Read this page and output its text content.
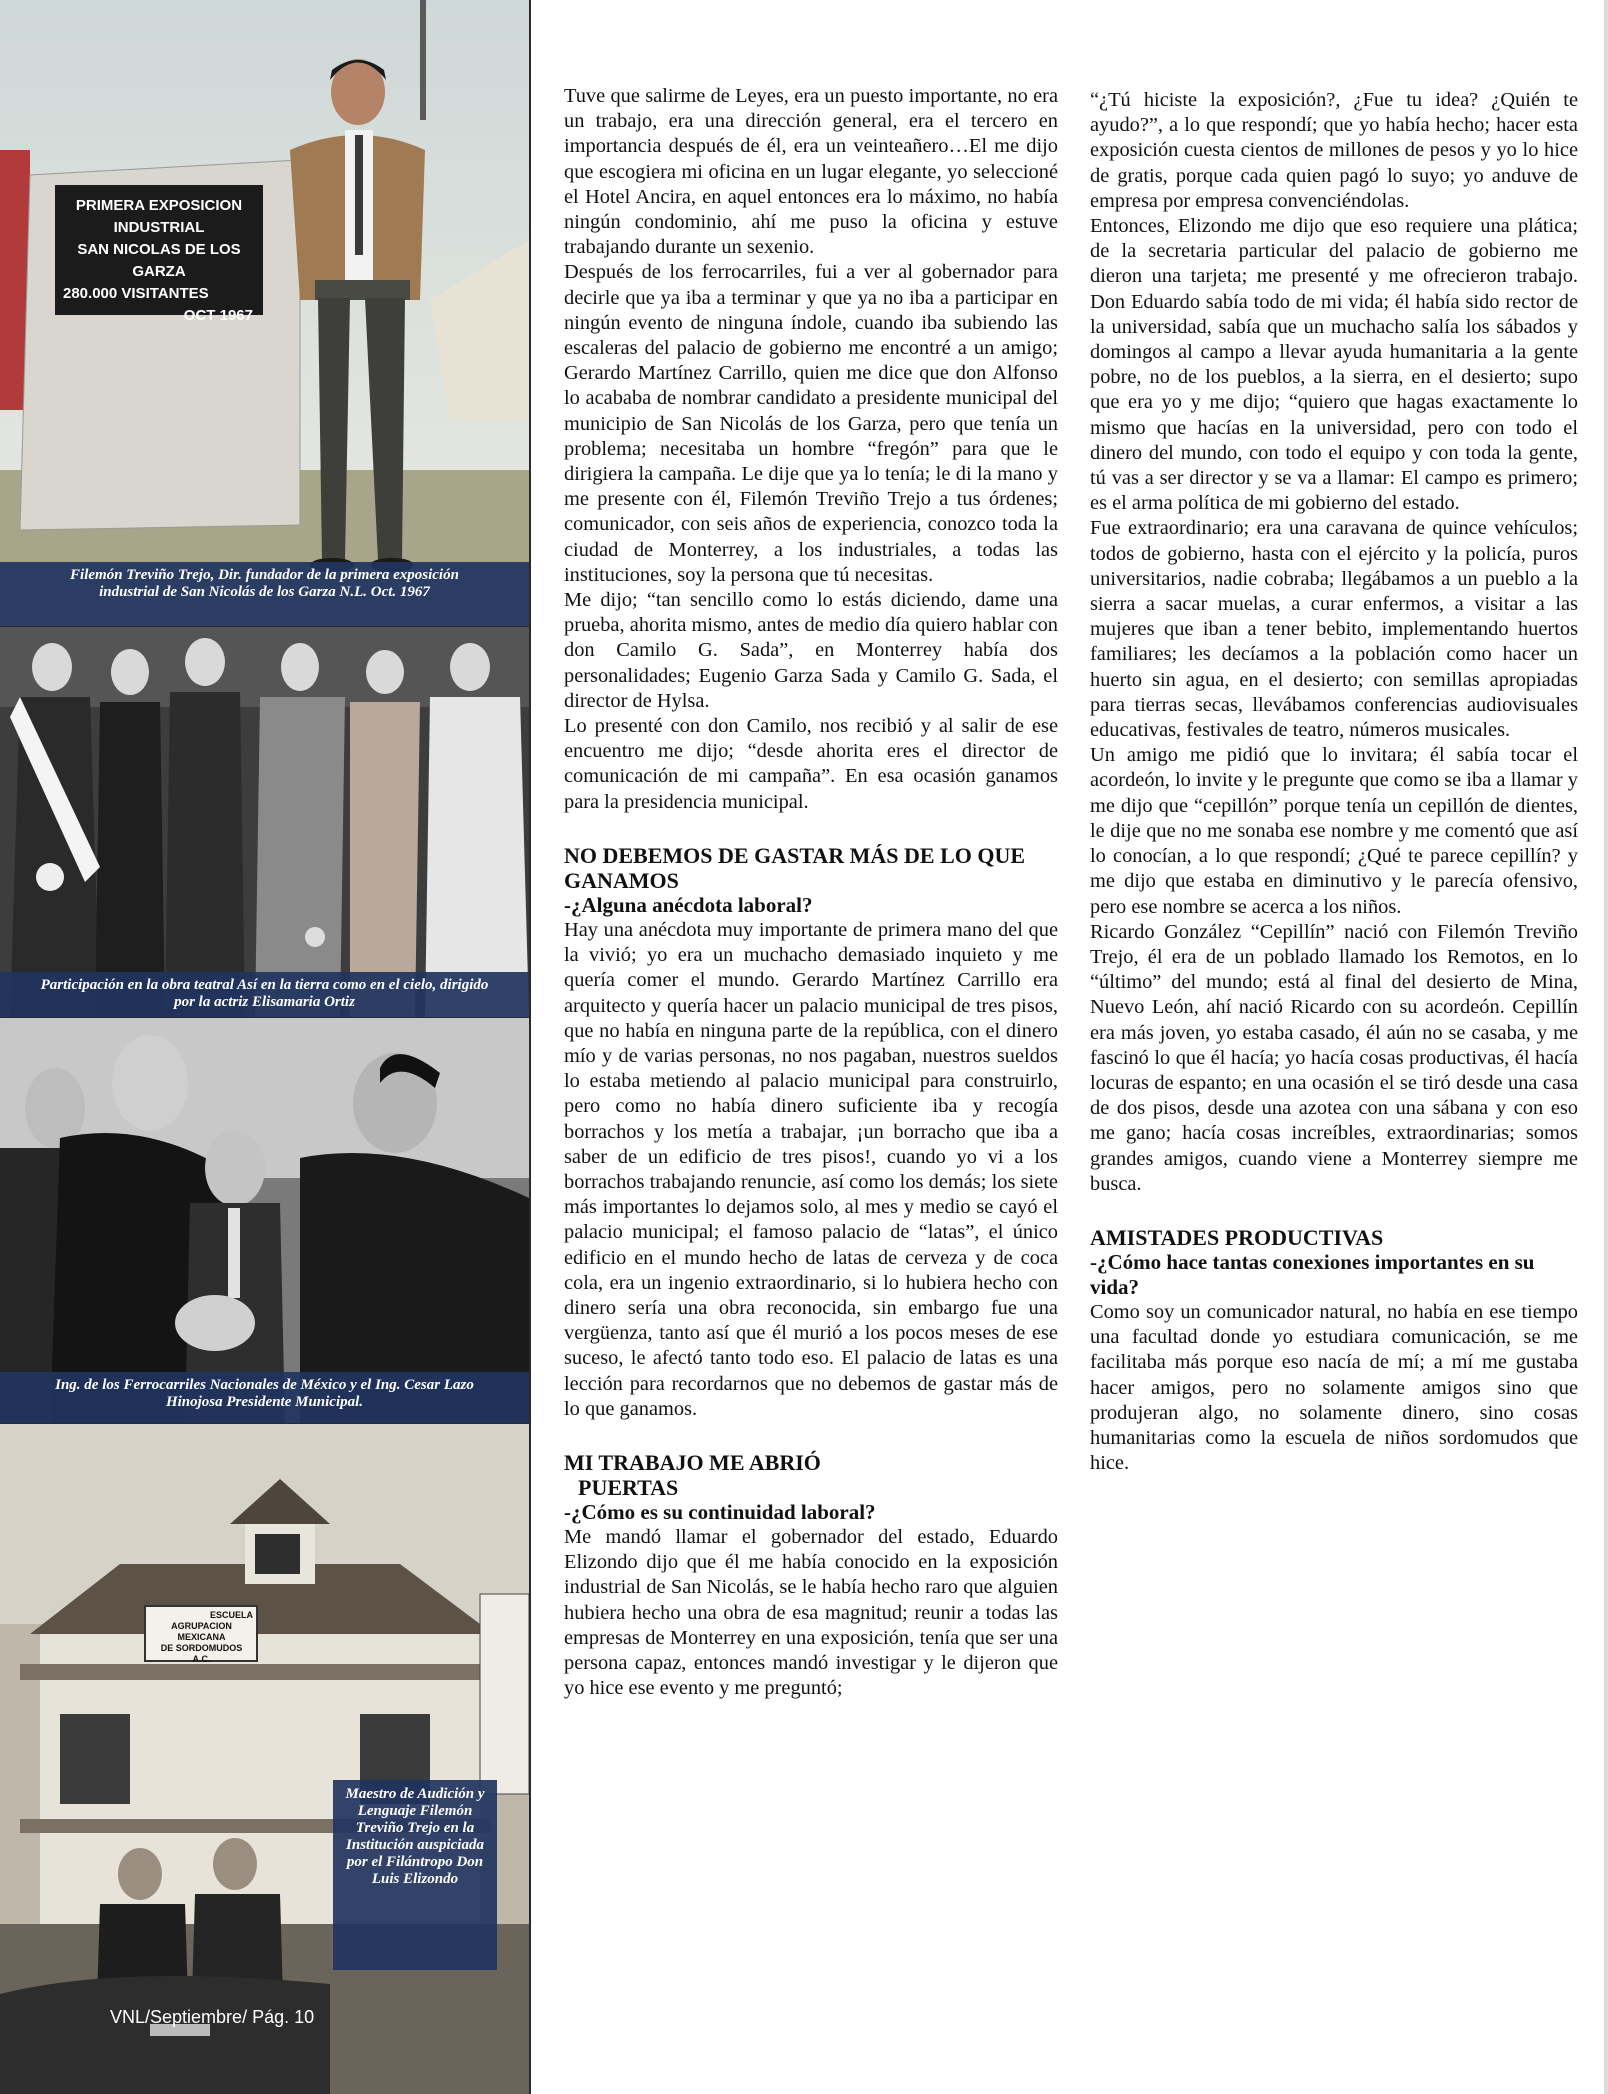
PRIMERA EXPOSICION
INDUSTRIAL
SAN NICOLAS DE LOS GARZA
280.000 VISITANTES
OCT 1967
Filemón Treviño Trejo, Dir. fundador de la primera exposición industrial de San Nicolás de los Garza N.L. Oct. 1967
Participación en la obra teatral Así en la tierra como en el cielo, dirigido por la actriz Elisamaria Ortiz
Ing. de los Ferrocarriles Nacionales de México y el Ing. Cesar Lazo Hinojosa Presidente Municipal.
ESCUELA
AGRUPACION
MEXICANA
DE SORDOMUDOS
A.C.
Maestro de Audición y Lenguaje Filemón Treviño Trejo en la Institución auspiciada por el Filántropo Don Luis Elizondo
VNL/Septiembre/ Pág. 10

Tuve que salirme de Leyes, era un puesto importante, no era un trabajo, era una dirección general, era el tercero en importancia después de él, era un veinteañero…El me dijo que escogiera mi oficina en un lugar elegante, yo seleccioné el Hotel Ancira, en aquel entonces era lo máximo, no había ningún condominio, ahí me puso la oficina y estuve trabajando durante un sexenio.

Después de los ferrocarriles, fui a ver al gobernador para decirle que ya iba a terminar y que ya no iba a participar en ningún evento de ninguna índole, cuando iba subiendo las escaleras del palacio de gobierno me encontré a un amigo; Gerardo Martínez Carrillo, quien me dice que don Alfonso lo acababa de nombrar candidato a presidente municipal del municipio de San Nicolás de los Garza, pero que tenía un problema; necesitaba un hombre “fregón” para que le dirigiera la campaña. Le dije que ya lo tenía; le di la mano y me presente con él, Filemón Treviño Trejo a tus órdenes; comunicador, con seis años de experiencia, conozco toda la ciudad de Monterrey, a los industriales, a todas las instituciones, soy la persona que tú necesitas.

Me dijo; “tan sencillo como lo estás diciendo, dame una prueba, ahorita mismo, antes de medio día quiero hablar con don Camilo G. Sada”, en Monterrey había dos personalidades; Eugenio Garza Sada y Camilo G. Sada, el director de Hylsa.

Lo presenté con don Camilo, nos recibió y al salir de ese encuentro me dijo; “desde ahorita eres el director de comunicación de mi campaña”. En esa ocasión ganamos para la presidencia municipal.

NO DEBEMOS DE GASTAR MÁS DE LO QUE GANAMOS
-¿Alguna anécdota laboral?

Hay una anécdota muy importante de primera mano del que la vivió; yo era un muchacho demasiado inquieto y me quería comer el mundo. Gerardo Martínez Carrillo era arquitecto y quería hacer un palacio municipal de tres pisos, que no había en ninguna parte de la república, con el dinero mío y de varias personas, no nos pagaban, nuestros sueldos lo estaba metiendo al palacio municipal para construirlo, pero como no había dinero suficiente iba y recogía borrachos y los metía a trabajar, ¡un borracho que iba a saber de un edificio de tres pisos!, cuando yo vi a los borrachos trabajando renuncie, así como los demás; los siete más importantes lo dejamos solo, al mes y medio se cayó el palacio municipal; el famoso palacio de “latas”, el único edificio en el mundo hecho de latas de cerveza y de coca cola, era un ingenio extraordinario, si lo hubiera hecho con dinero sería una obra reconocida, sin embargo fue una vergüenza, tanto así que él murió a los pocos meses de ese suceso, le afectó tanto todo eso. El palacio de latas es una lección para recordarnos que no debemos de gastar más de lo que ganamos.

MI TRABAJO ME ABRIÓ
PUERTAS
-¿Cómo es su continuidad laboral?

Me mandó llamar el gobernador del estado, Eduardo Elizondo dijo que él me había conocido en la exposición industrial de San Nicolás, se le había hecho raro que alguien hubiera hecho una obra de esa magnitud; reunir a todas las empresas de Monterrey en una exposición, tenía que ser una persona capaz, entonces mandó investigar y le dijeron que yo hice ese evento y me preguntó;

“¿Tú hiciste la exposición?, ¿Fue tu idea? ¿Quién te ayudo?”, a lo que respondí; que yo había hecho; hacer esta exposición cuesta cientos de millones de pesos y yo lo hice de gratis, porque cada quien pagó lo suyo; yo anduve de empresa por empresa convenciéndolas.

Entonces, Elizondo me dijo que eso requiere una plática; de la secretaria particular del palacio de gobierno me dieron una tarjeta; me presenté y me ofrecieron trabajo. Don Eduardo sabía todo de mi vida; él había sido rector de la universidad, sabía que un muchacho salía los sábados y domingos al campo a llevar ayuda humanitaria a la gente pobre, no de los pueblos, a la sierra, en el desierto; supo que era yo y me dijo; “quiero que hagas exactamente lo mismo que hacías en la universidad, pero con todo el dinero del mundo, con todo el equipo y con toda la gente, tú vas a ser director y se va a llamar: El campo es primero; es el arma política de mi gobierno del estado.

Fue extraordinario; era una caravana de quince vehículos; todos de gobierno, hasta con el ejército y la policía, puros universitarios, nadie cobraba; llegábamos a un pueblo a la sierra a sacar muelas, a curar enfermos, a visitar a las mujeres que iban a tener bebito, implementando huertos familiares; les decíamos a la población como hacer un huerto sin agua, en el desierto; con semillas apropiadas para tierras secas, llevábamos conferencias audiovisuales educativas, festivales de teatro, números musicales.

Un amigo me pidió que lo invitara; él sabía tocar el acordeón, lo invite y le pregunte que como se iba a llamar y me dijo que “cepillón” porque tenía un cepillón de dientes, le dije que no me sonaba ese nombre y me comentó que así lo conocían, a lo que respondí; ¿Qué te parece cepillín? y me dijo que estaba en diminutivo y le parecía ofensivo, pero ese nombre se acerca a los niños.

Ricardo González “Cepillín” nació con Filemón Treviño Trejo, él era de un poblado llamado los Remotos, en lo “último” del mundo; está al final del desierto de Mina, Nuevo León, ahí nació Ricardo con su acordeón. Cepillín era más joven, yo estaba casado, él aún no se casaba, y me fascinó lo que él hacía; yo hacía cosas productivas, él hacía locuras de espanto; en una ocasión el se tiró desde una casa de dos pisos, desde una azotea con una sábana y con eso me gano; hacía cosas increíbles, extraordinarias; somos grandes amigos, cuando viene a Monterrey siempre me busca.

AMISTADES PRODUCTIVAS
-¿Cómo hace tantas conexiones importantes en su vida?

Como soy un comunicador natural, no había en ese tiempo una facultad donde yo estudiara comunicación, se me facilitaba más porque eso nacía de mí; a mí me gustaba hacer amigos, pero no solamente amigos sino que produjeran algo, no solamente dinero, sino cosas humanitarias como la escuela de niños sordomudos que hice.
